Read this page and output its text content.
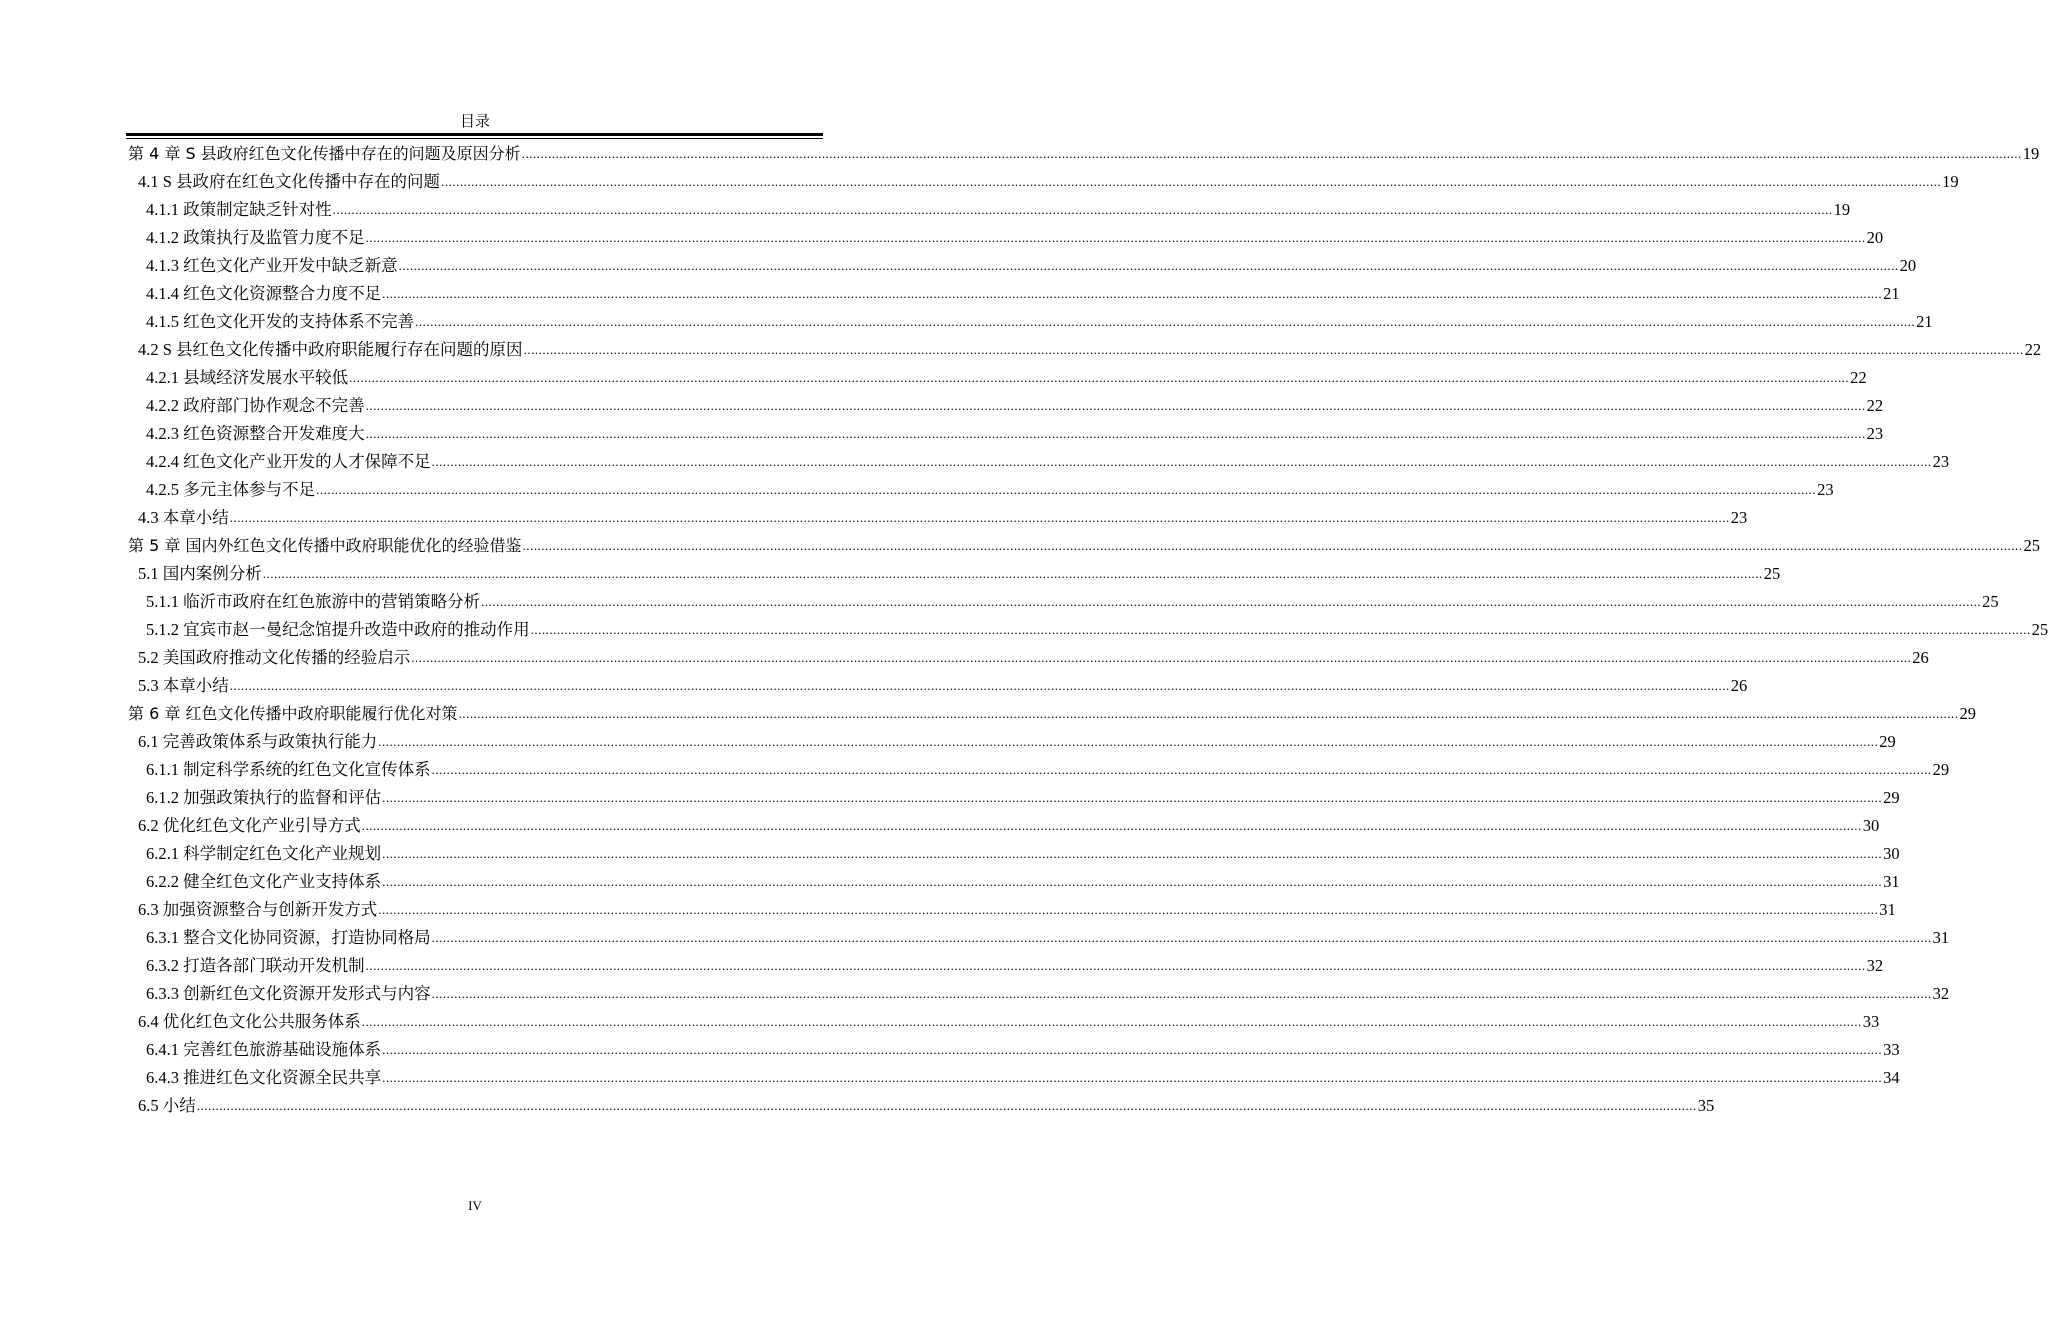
目录
第 4 章 S 县政府红色文化传播中存在的问题及原因分析 ................................................................................................................................................................................................................................................................................................................................................................................................................ 19
4.1 S 县政府在红色文化传播中存在的问题 ................................................................................................................................................................................................................................................................................................................................................................................................................ 19
4.1.1 政策制定缺乏针对性 ................................................................................................................................................................................................................................................................................................................................................................................................................ 19
4.1.2 政策执行及监管力度不足 ................................................................................................................................................................................................................................................................................................................................................................................................................ 20
4.1.3 红色文化产业开发中缺乏新意 ................................................................................................................................................................................................................................................................................................................................................................................................................ 20
4.1.4 红色文化资源整合力度不足 ................................................................................................................................................................................................................................................................................................................................................................................................................ 21
4.1.5 红色文化开发的支持体系不完善 ................................................................................................................................................................................................................................................................................................................................................................................................................ 21
4.2 S 县红色文化传播中政府职能履行存在问题的原因 ................................................................................................................................................................................................................................................................................................................................................................................................................ 22
4.2.1 县域经济发展水平较低 ................................................................................................................................................................................................................................................................................................................................................................................................................ 22
4.2.2 政府部门协作观念不完善 ................................................................................................................................................................................................................................................................................................................................................................................................................ 22
4.2.3 红色资源整合开发难度大 ................................................................................................................................................................................................................................................................................................................................................................................................................ 23
4.2.4 红色文化产业开发的人才保障不足 ................................................................................................................................................................................................................................................................................................................................................................................................................ 23
4.2.5 多元主体参与不足 ................................................................................................................................................................................................................................................................................................................................................................................................................ 23
4.3 本章小结 ................................................................................................................................................................................................................................................................................................................................................................................................................ 23
第 5 章 国内外红色文化传播中政府职能优化的经验借鉴 ................................................................................................................................................................................................................................................................................................................................................................................................................ 25
5.1 国内案例分析 ................................................................................................................................................................................................................................................................................................................................................................................................................ 25
5.1.1 临沂市政府在红色旅游中的营销策略分析 ................................................................................................................................................................................................................................................................................................................................................................................................................ 25
5.1.2 宜宾市赵一曼纪念馆提升改造中政府的推动作用 ................................................................................................................................................................................................................................................................................................................................................................................................................ 25
5.2 美国政府推动文化传播的经验启示 ................................................................................................................................................................................................................................................................................................................................................................................................................ 26
5.3 本章小结 ................................................................................................................................................................................................................................................................................................................................................................................................................ 26
第 6 章 红色文化传播中政府职能履行优化对策 ................................................................................................................................................................................................................................................................................................................................................................................................................ 29
6.1 完善政策体系与政策执行能力 ................................................................................................................................................................................................................................................................................................................................................................................................................ 29
6.1.1 制定科学系统的红色文化宣传体系 ................................................................................................................................................................................................................................................................................................................................................................................................................ 29
6.1.2 加强政策执行的监督和评估 ................................................................................................................................................................................................................................................................................................................................................................................................................ 29
6.2 优化红色文化产业引导方式 ................................................................................................................................................................................................................................................................................................................................................................................................................ 30
6.2.1 科学制定红色文化产业规划 ................................................................................................................................................................................................................................................................................................................................................................................................................ 30
6.2.2 健全红色文化产业支持体系 ................................................................................................................................................................................................................................................................................................................................................................................................................ 31
6.3 加强资源整合与创新开发方式 ................................................................................................................................................................................................................................................................................................................................................................................................................ 31
6.3.1 整合文化协同资源，打造协同格局 ................................................................................................................................................................................................................................................................................................................................................................................................................ 31
6.3.2 打造各部门联动开发机制 ................................................................................................................................................................................................................................................................................................................................................................................................................ 32
6.3.3 创新红色文化资源开发形式与内容 ................................................................................................................................................................................................................................................................................................................................................................................................................ 32
6.4 优化红色文化公共服务体系 ................................................................................................................................................................................................................................................................................................................................................................................................................ 33
6.4.1 完善红色旅游基础设施体系 ................................................................................................................................................................................................................................................................................................................................................................................................................ 33
6.4.3 推进红色文化资源全民共享 ................................................................................................................................................................................................................................................................................................................................................................................................................ 34
6.5 小结 ................................................................................................................................................................................................................................................................................................................................................................................................................ 35
IV
